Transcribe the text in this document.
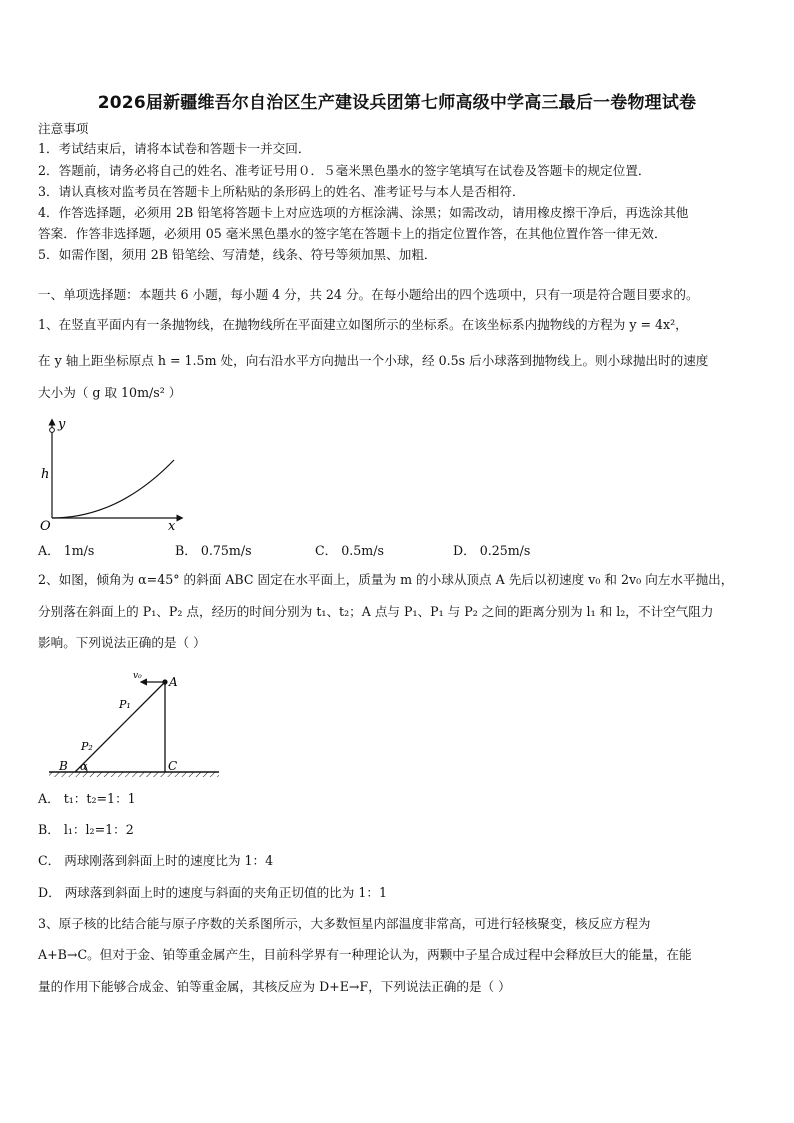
2026届新疆维吾尔自治区生产建设兵团第七师高级中学高三最后一卷物理试卷
注意事项
1．考试结束后，请将本试卷和答题卡一并交回．
2．答题前，请务必将自己的姓名、准考证号用０．５毫米黑色墨水的签字笔填写在试卷及答题卡的规定位置．
3．请认真核对监考员在答题卡上所粘贴的条形码上的姓名、准考证号与本人是否相符．
4．作答选择题，必须用 2B 铅笔将答题卡上对应选项的方框涂满、涂黑；如需改动，请用橡皮擦干净后，再选涂其他
答案．作答非选择题，必须用 05 毫米黑色墨水的签字笔在答题卡上的指定位置作答，在其他位置作答一律无效．
5．如需作图，须用 2B 铅笔绘、写清楚，线条、符号等须加黑、加粗．
一、单项选择题：本题共 6 小题，每小题 4 分，共 24 分。在每小题给出的四个选项中，只有一项是符合题目要求的。
1、在竖直平面内有一条抛物线，在抛物线所在平面建立如图所示的坐标系。在该坐标系内抛物线的方程为 y = 4x²，
在 y 轴上距坐标原点 h = 1.5m 处，向右沿水平方向抛出一个小球，经 0.5s 后小球落到抛物线上。则小球抛出时的速度
大小为（ g 取 10m/s² ）
y
h
O	x
A． 1m/s	B． 0.75m/s	C． 0.5m/s	D． 0.25m/s
2、如图，倾角为 α=45° 的斜面 ABC 固定在水平面上，质量为 m 的小球从顶点 A 先后以初速度 v₀ 和 2v₀ 向左水平抛出，
分别落在斜面上的 P₁、P₂ 点，经历的时间分别为 t₁、t₂；A 点与 P₁、P₁ 与 P₂ 之间的距离分别为 l₁ 和 l₂，不计空气阻力
影响。下列说法正确的是（ ）
v₀ A
P₁
P₂
B α	C
A． t₁：t₂=1：1
B． l₁：l₂=1：2
C． 两球刚落到斜面上时的速度比为 1：4
D． 两球落到斜面上时的速度与斜面的夹角正切值的比为 1：1
3、原子核的比结合能与原子序数的关系图所示，大多数恒星内部温度非常高，可进行轻核聚变，核反应方程为
A+B→C。但对于金、铂等重金属产生，目前科学界有一种理论认为，两颗中子星合成过程中会释放巨大的能量，在能
量的作用下能够合成金、铂等重金属，其核反应为 D+E→F，下列说法正确的是（ ）
